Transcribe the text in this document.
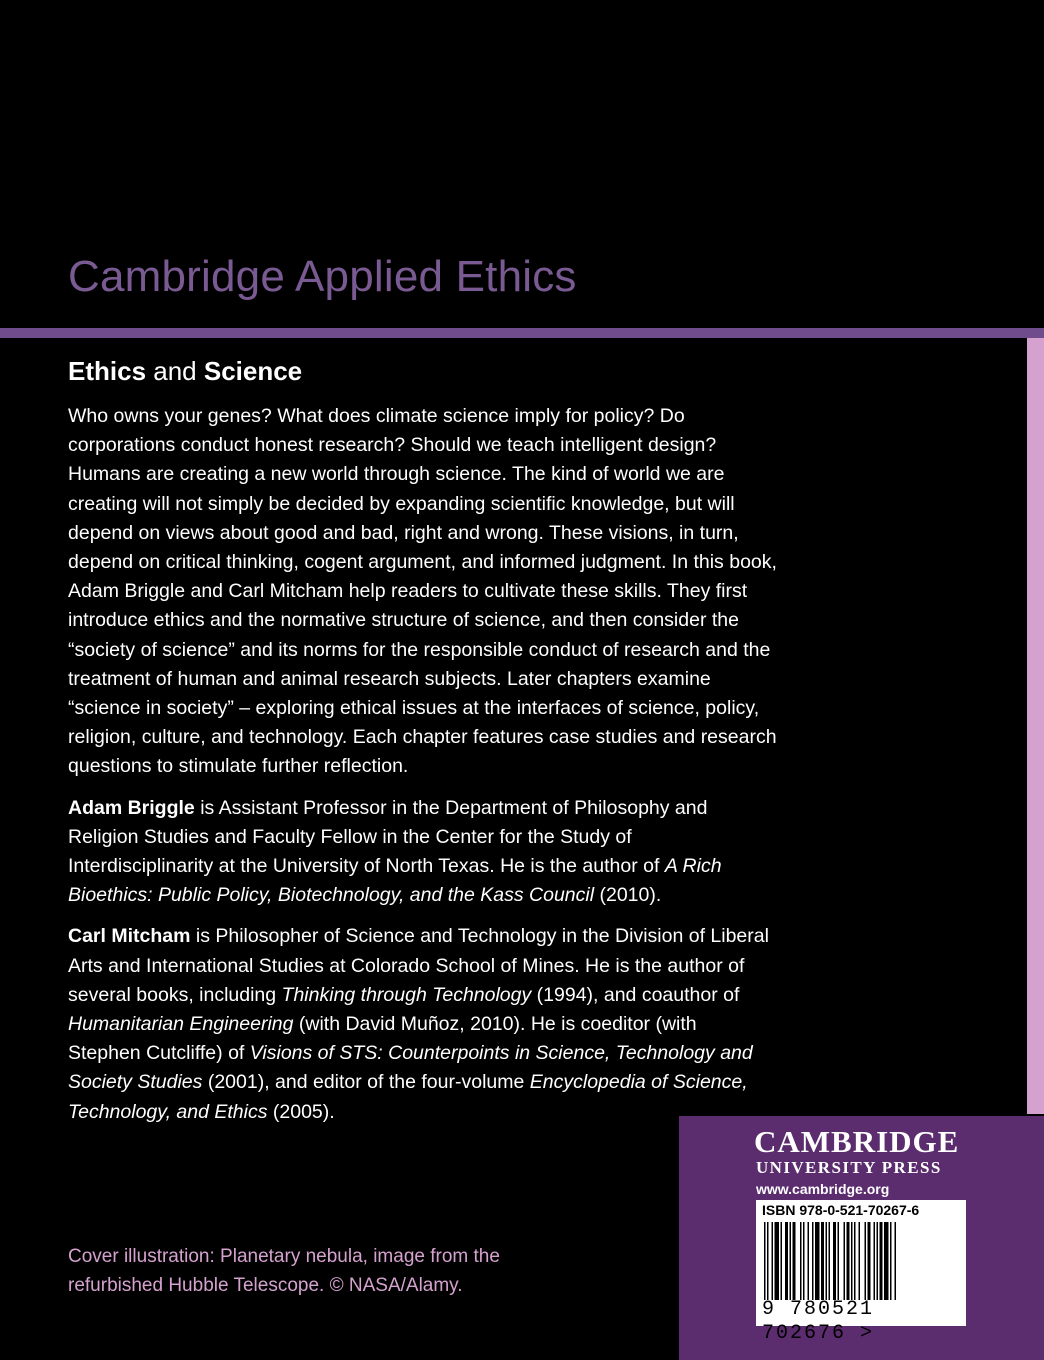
Cambridge Applied Ethics
Ethics and Science

Who owns your genes? What does climate science imply for policy? Do corporations conduct honest research? Should we teach intelligent design? Humans are creating a new world through science. The kind of world we are creating will not simply be decided by expanding scientific knowledge, but will depend on views about good and bad, right and wrong. These visions, in turn, depend on critical thinking, cogent argument, and informed judgment. In this book, Adam Briggle and Carl Mitcham help readers to cultivate these skills. They first introduce ethics and the normative structure of science, and then consider the “society of science” and its norms for the responsible conduct of research and the treatment of human and animal research subjects. Later chapters examine “science in society” – exploring ethical issues at the interfaces of science, policy, religion, culture, and technology. Each chapter features case studies and research questions to stimulate further reflection.

Adam Briggle is Assistant Professor in the Department of Philosophy and Religion Studies and Faculty Fellow in the Center for the Study of Interdisciplinarity at the University of North Texas. He is the author of A Rich Bioethics: Public Policy, Biotechnology, and the Kass Council (2010).

Carl Mitcham is Philosopher of Science and Technology in the Division of Liberal Arts and International Studies at Colorado School of Mines. He is the author of several books, including Thinking through Technology (1994), and coauthor of Humanitarian Engineering (with David Muñoz, 2010). He is coeditor (with Stephen Cutcliffe) of Visions of STS: Counterpoints in Science, Technology and Society Studies (2001), and editor of the four-volume Encyclopedia of Science, Technology, and Ethics (2005).

Cover illustration: Planetary nebula, image from the refurbished Hubble Telescope. © NASA/Alamy.

CAMBRIDGE

UNIVERSITY PRESS

www.cambridge.org

ISBN 978-0-521-70267-6

9 780521 702676 >
